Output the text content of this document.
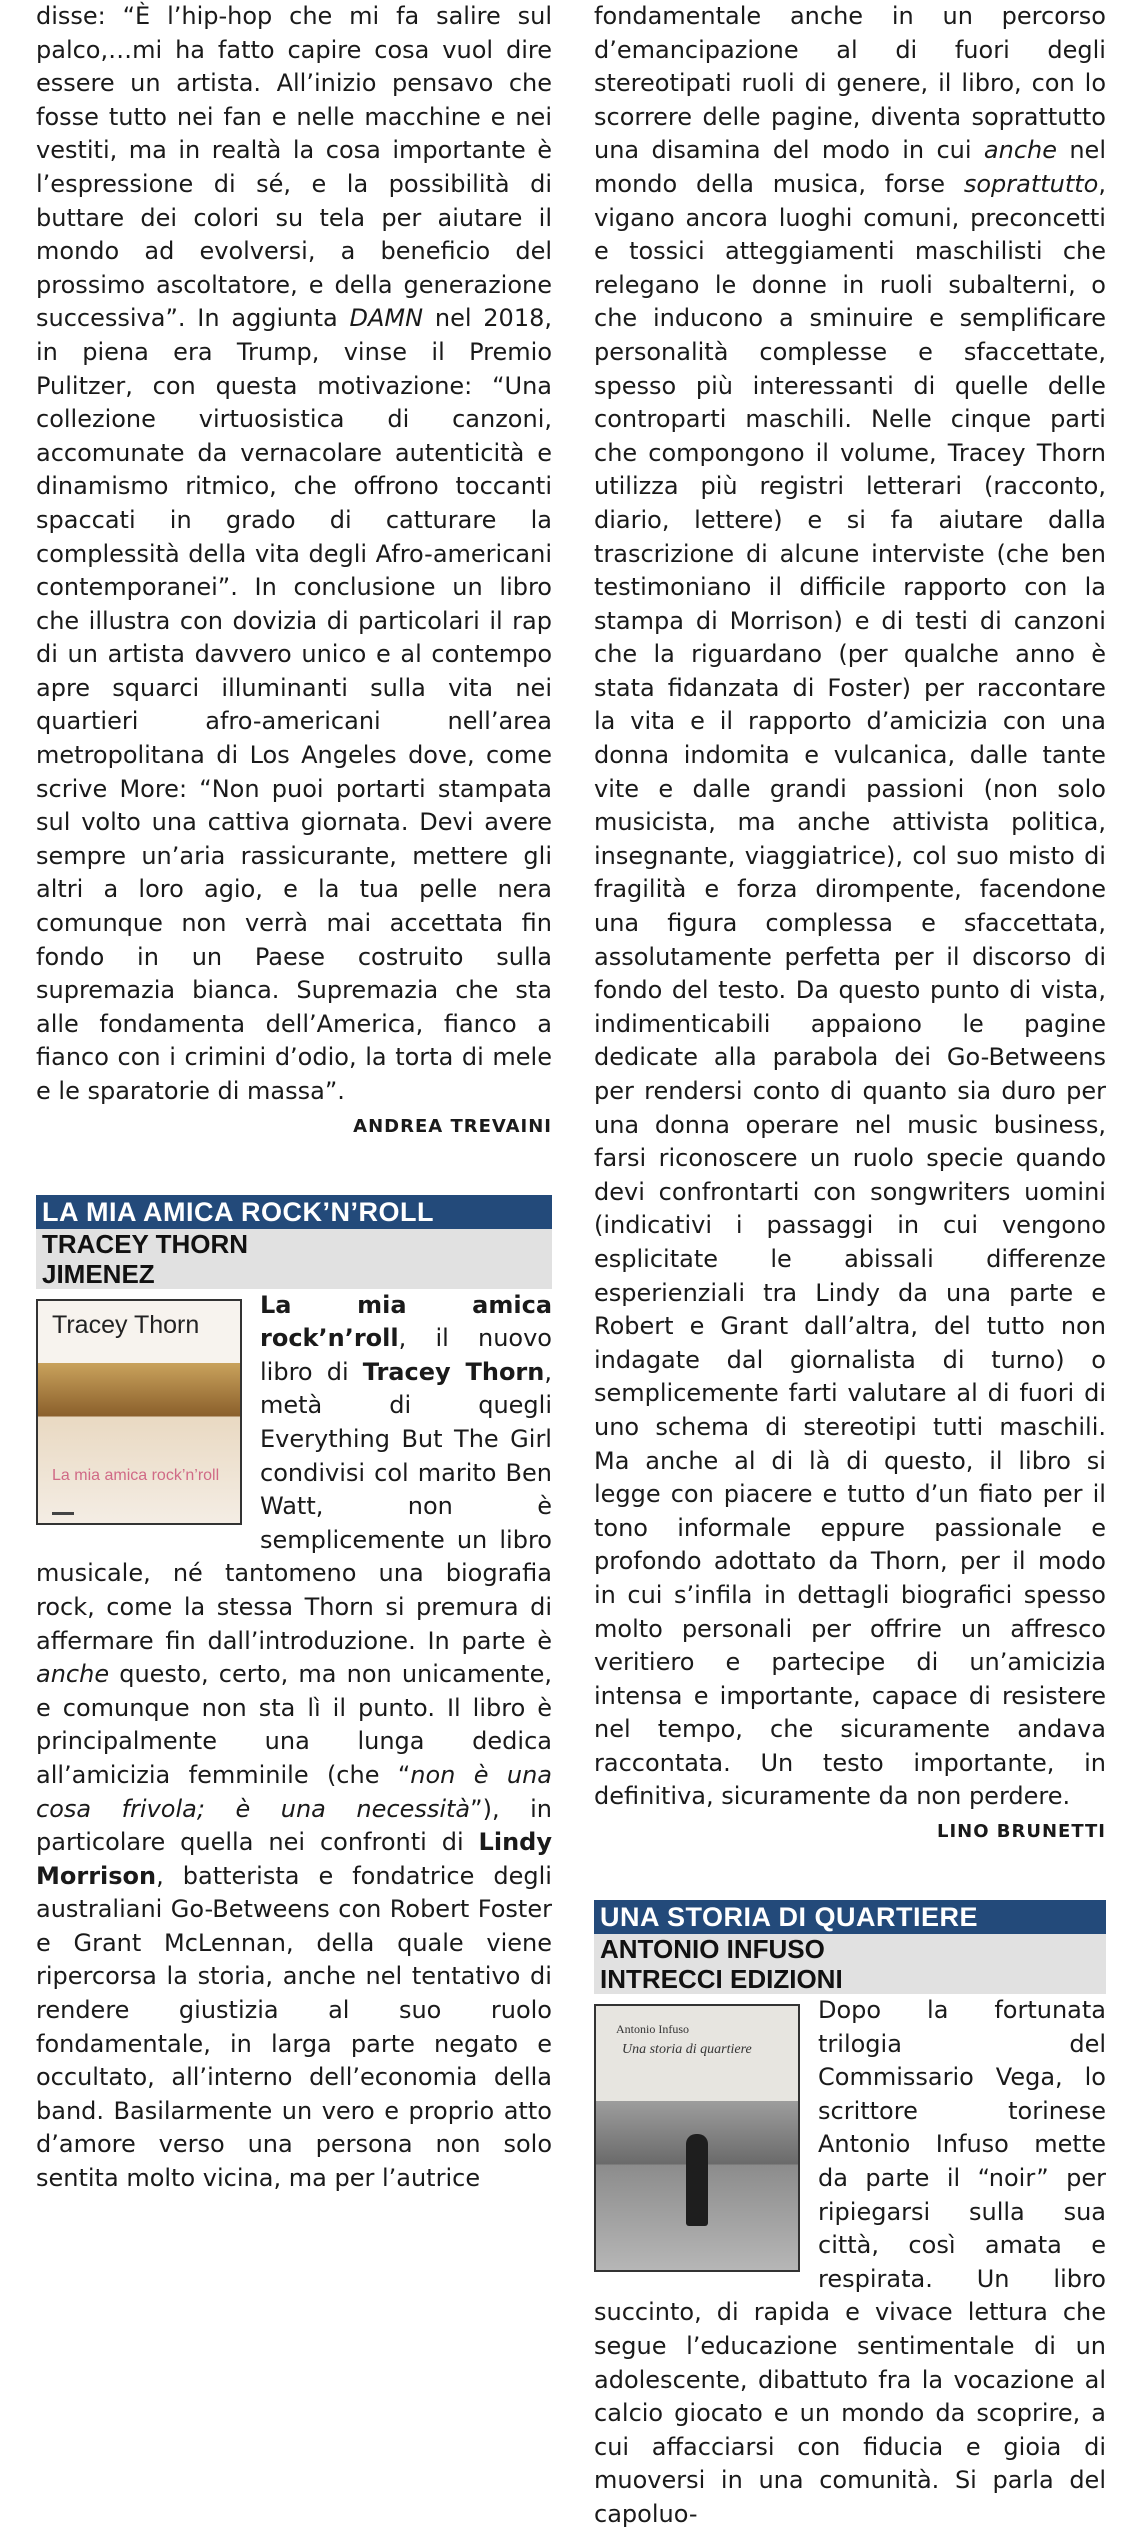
disse: “È l’hip-hop che mi fa salire sul palco,…mi ha fatto capire cosa vuol dire essere un artista. All’inizio pensavo che fosse tutto nei fan e nelle macchine e nei vestiti, ma in realtà la cosa importante è l’espressione di sé, e la possibilità di buttare dei colori su tela per aiutare il mondo ad evolversi, a beneficio del prossimo ascoltatore, e della generazione successiva”. In aggiunta DAMN nel 2018, in piena era Trump, vinse il Premio Pulitzer, con questa motivazione: “Una collezione virtuosistica di canzoni, accomunate da vernacolare autenticità e dinamismo ritmico, che offrono toccanti spaccati in grado di catturare la complessità della vita degli Afro-americani contemporanei”. In conclusione un libro che illustra con dovizia di particolari il rap di un artista davvero unico e al contempo apre squarci illuminanti sulla vita nei quartieri afro-americani nell’area metropolitana di Los Angeles dove, come scrive More: “Non puoi portarti stampata sul volto una cattiva giornata. Devi avere sempre un’aria rassicurante, mettere gli altri a loro agio, e la tua pelle nera comunque non verrà mai accettata fin fondo in un Paese costruito sulla supremazia bianca. Supremazia che sta alle fondamenta dell’America, fianco a fianco con i crimini d’odio, la torta di mele e le sparatorie di massa”.

ANDREA TREVAINI
LA MIA AMICA ROCK’N’ROLL
TRACEY THORN
JIMENEZ
Tracey Thorn
La mia amica rock’n’roll

La	mia	amica rock’n’roll, il nuovo libro di Tracey Thorn, metà	di	quegli Everything But The Girl condivisi col marito Ben Watt,	non	è semplicemente un libro musicale, né tantomeno una biografia rock, come la stessa Thorn si premura di affermare fin dall’introduzione. In parte è anche questo, certo, ma non unicamente, e comunque non sta lì il punto. Il libro è principalmente una lunga dedica all’amicizia femminile (che “non è una cosa frivola; è una necessità”), in particolare quella nei confronti di Lindy Morrison, batterista e fondatrice degli australiani Go-Betweens con Robert Foster e Grant McLennan, della quale viene ripercorsa la storia, anche nel tentativo di rendere giustizia al suo ruolo fondamentale, in larga parte negato e occultato, all’interno dell’economia della band. Basilarmente un vero e proprio atto d’amore verso una persona non solo sentita molto vicina, ma per l’autrice

fondamentale anche in un percorso d’emancipazione al di fuori degli stereotipati ruoli di genere, il libro, con lo scorrere delle pagine, diventa soprattutto una disamina del modo in cui anche nel mondo della musica, forse soprattutto, vigano ancora luoghi comuni, preconcetti e tossici atteggiamenti maschilisti che relegano le donne in ruoli subalterni, o che inducono a sminuire e semplificare personalità complesse e sfaccettate, spesso più interessanti di quelle delle controparti maschili. Nelle cinque parti che compongono il volume, Tracey Thorn utilizza più registri letterari (racconto, diario, lettere) e si fa aiutare dalla trascrizione di alcune interviste (che ben testimoniano il difficile rapporto con la stampa di Morrison) e di testi di canzoni che la riguardano (per qualche anno è stata fidanzata di Foster) per raccontare la vita e il rapporto d’amicizia con una donna indomita e vulcanica, dalle tante vite e dalle grandi passioni (non solo musicista, ma anche attivista politica, insegnante, viaggiatrice), col suo misto di fragilità e forza dirompente, facendone una figura complessa e sfaccettata, assolutamente perfetta per il discorso di fondo del testo. Da questo punto di vista, indimenticabili appaiono le pagine dedicate alla parabola dei Go-Betweens per rendersi conto di quanto sia duro per una donna operare nel music business, farsi riconoscere un ruolo specie quando devi confrontarti con songwriters uomini (indicativi i passaggi in cui vengono esplicitate le abissali differenze esperienziali tra Lindy da una parte e Robert e Grant dall’altra, del tutto non indagate dal giornalista di turno) o semplicemente farti valutare al di fuori di uno schema di stereotipi tutti maschili. Ma anche al di là di questo, il libro si legge con piacere e tutto d’un fiato per il tono informale eppure passionale e profondo adottato da Thorn, per il modo in cui s’infila in dettagli biografici spesso molto personali per offrire un affresco veritiero e partecipe di un’amicizia intensa e importante, capace di resistere nel tempo, che sicuramente andava raccontata. Un testo importante, in definitiva, sicuramente da non perdere.

LINO BRUNETTI
UNA STORIA DI QUARTIERE
ANTONIO INFUSO
INTRECCI EDIZIONI
Antonio Infuso
Una storia di quartiere

Dopo la fortunata trilogia del Commissario Vega, lo scrittore torinese Antonio Infuso mette da parte il “noir” per ripiegarsi sulla sua città, così amata e respirata. Un libro succinto, di rapida e vivace lettura che segue l’educazione sentimentale di un adolescente, dibattuto fra la vocazione al calcio giocato e un mondo da scoprire, a cui affacciarsi con fiducia e gioia di muoversi in una comunità. Si parla del capoluo-
